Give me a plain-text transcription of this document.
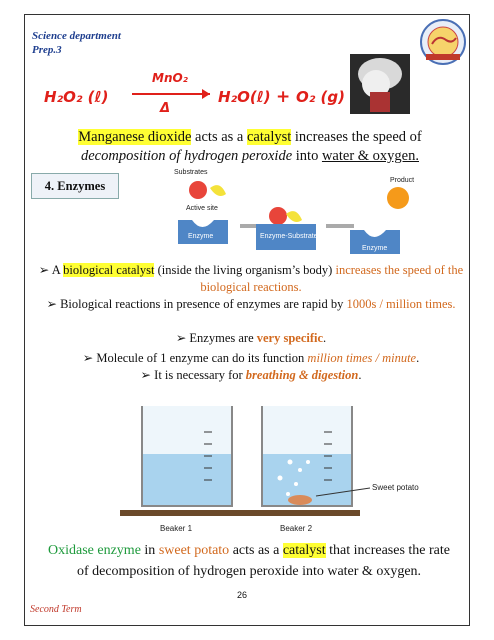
Science department
Prep.3
H₂O₂ (ℓ)
MnO₂
Δ
H₂O(ℓ) + O₂ (g)
Manganese dioxide acts as a catalyst increases the speed of
decomposition of hydrogen peroxide into water & oxygen.
4. Enzymes
Substrates
Product
Active site
Enzyme	Enzyme-Substrate complex
Enzyme
➢ A biological catalyst (inside the living organism’s body) increases the speed of the biological reactions.
➢ Biological reactions in presence of enzymes are rapid by 1000s / million times.
➢ Enzymes are very specific.
➢ Molecule of 1 enzyme can do its function million times / minute.
➢ It is necessary for breathing & digestion.
Sweet potato
Beaker 1	Beaker 2
Oxidase enzyme in sweet potato acts as a catalyst that increases the rate
of decomposition of hydrogen peroxide into water & oxygen.
26
Second Term
